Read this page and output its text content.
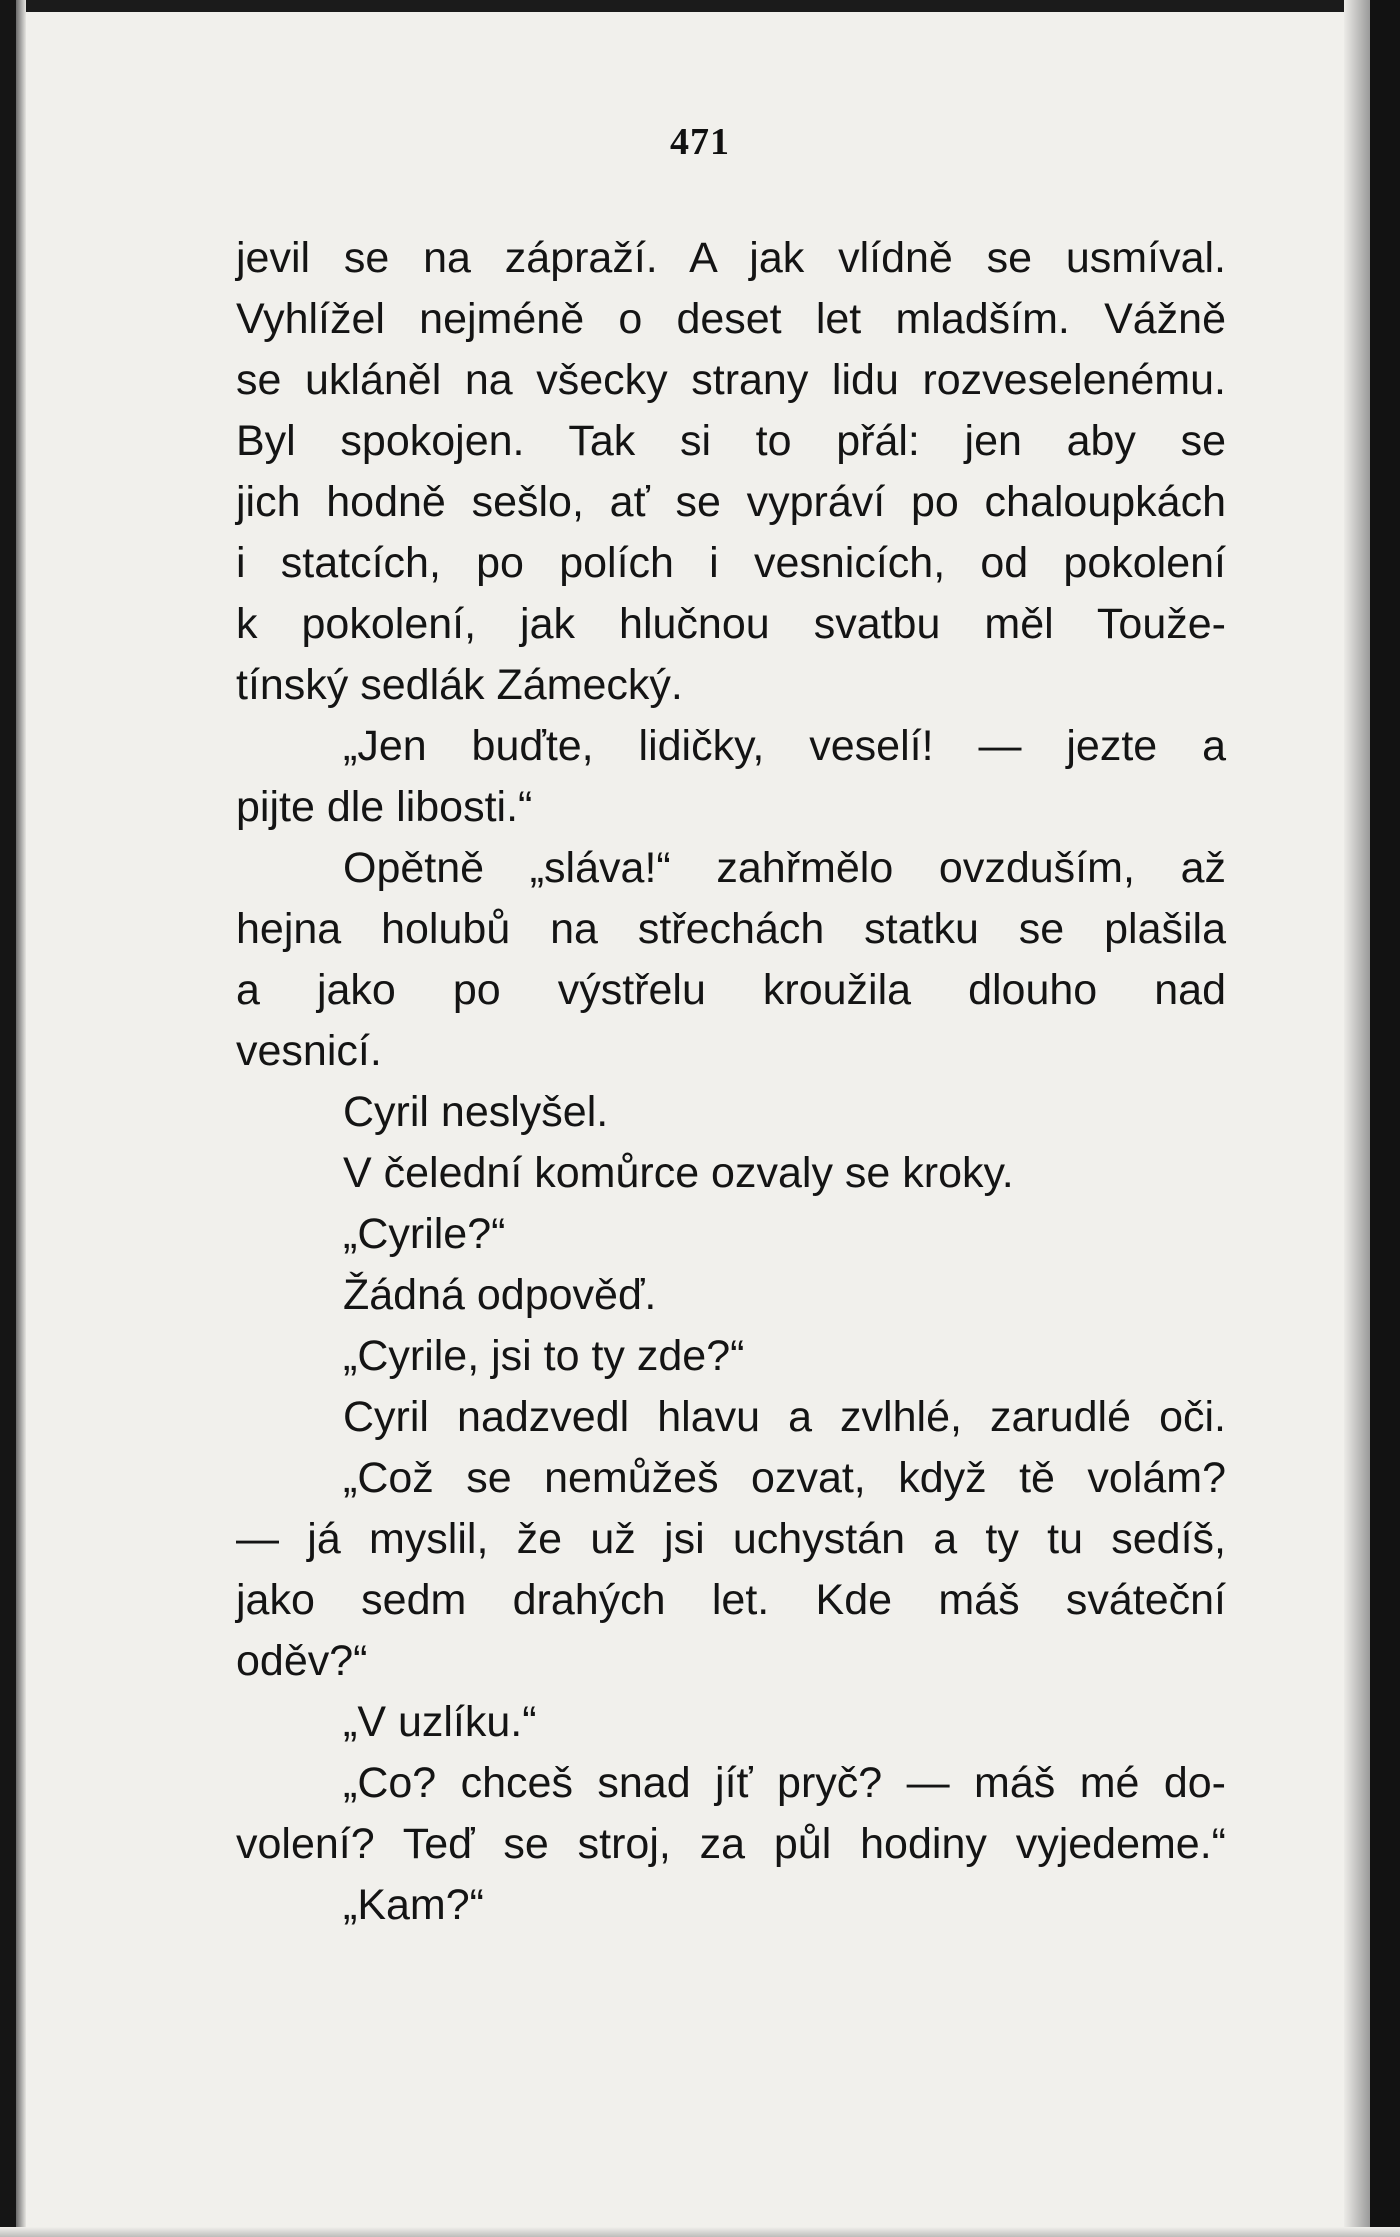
471
jevil se na zápraží. A jak vlídně se usmíval.
Vyhlížel nejméně o deset let mladším. Vážně
se ukláněl na všecky strany lidu rozveselenému.
Byl spokojen. Tak si to přál: jen aby se
jich hodně sešlo, ať se vypráví po chaloupkách
i statcích, po polích i vesnicích, od pokolení
k pokolení, jak hlučnou svatbu měl Touže-
tínský sedlák Zámecký.
„Jen buďte, lidičky, veselí! — jezte a
pijte dle libosti.“
Opětně „sláva!“ zahřmělo ovzduším, až
hejna holubů na střechách statku se plašila
a jako po výstřelu kroužila dlouho nad
vesnicí.
Cyril neslyšel.
V čelední komůrce ozvaly se kroky.
„Cyrile?“
Žádná odpověď.
„Cyrile, jsi to ty zde?“
Cyril nadzvedl hlavu a zvlhlé, zarudlé oči.
„Což se nemůžeš ozvat, když tě volám?
— já myslil, že už jsi uchystán a ty tu sedíš,
jako sedm drahých let. Kde máš sváteční
oděv?“
„V uzlíku.“
„Co? chceš snad jíť pryč? — máš mé do-
volení? Teď se stroj, za půl hodiny vyjedeme.“
„Kam?“
